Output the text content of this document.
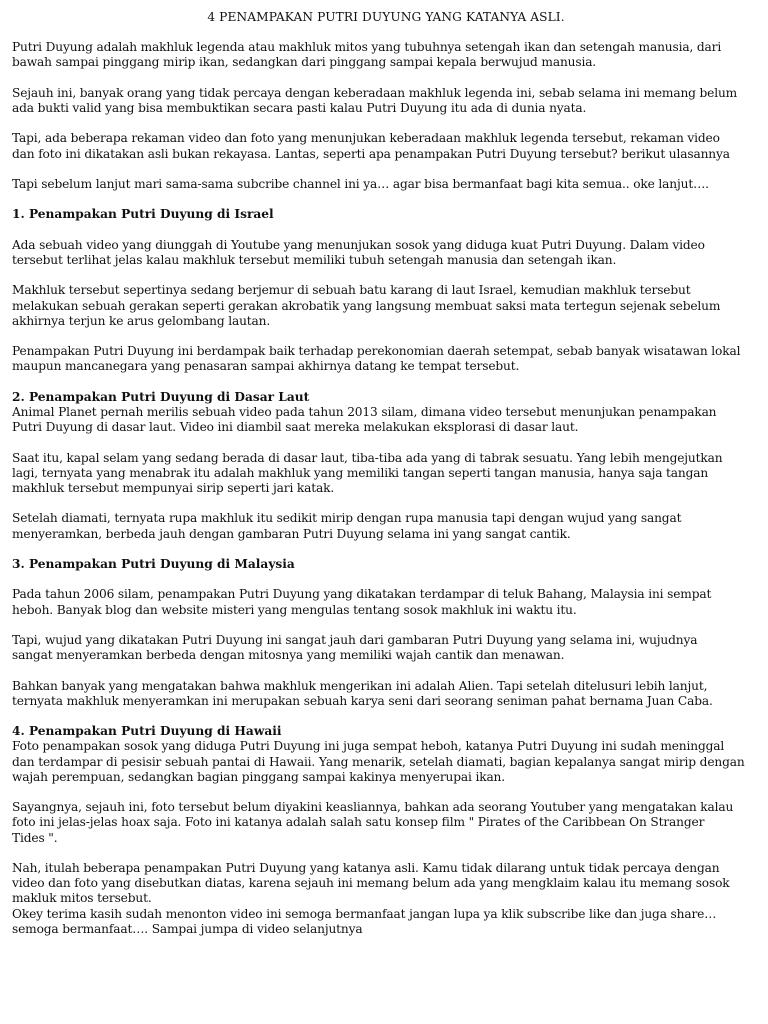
4 PENAMPAKAN PUTRI DUYUNG YANG KATANYA ASLI.
Putri Duyung adalah makhluk legenda atau makhluk mitos yang tubuhnya setengah ikan dan setengah manusia, dari
bawah sampai pinggang mirip ikan, sedangkan dari pinggang sampai kepala berwujud manusia.
Sejauh ini, banyak orang yang tidak percaya dengan keberadaan makhluk legenda ini, sebab selama ini memang belum
ada bukti valid yang bisa membuktikan secara pasti kalau Putri Duyung itu ada di dunia nyata.
Tapi, ada beberapa rekaman video dan foto yang menunjukan keberadaan makhluk legenda tersebut, rekaman video
dan foto ini dikatakan asli bukan rekayasa. Lantas, seperti apa penampakan Putri Duyung tersebut? berikut ulasannya
Tapi sebelum lanjut mari sama-sama subcribe channel ini ya… agar bisa bermanfaat bagi kita semua.. oke lanjut….
1. Penampakan Putri Duyung di Israel
Ada sebuah video yang diunggah di Youtube yang menunjukan sosok yang diduga kuat Putri Duyung. Dalam video
tersebut terlihat jelas kalau makhluk tersebut memiliki tubuh setengah manusia dan setengah ikan.
Makhluk tersebut sepertinya sedang berjemur di sebuah batu karang di laut Israel, kemudian makhluk tersebut
melakukan sebuah gerakan seperti gerakan akrobatik yang langsung membuat saksi mata tertegun sejenak sebelum
akhirnya terjun ke arus gelombang lautan.
Penampakan Putri Duyung ini berdampak baik terhadap perekonomian daerah setempat, sebab banyak wisatawan lokal
maupun mancanegara yang penasaran sampai akhirnya datang ke tempat tersebut.
2. Penampakan Putri Duyung di Dasar Laut
Animal Planet pernah merilis sebuah video pada tahun 2013 silam, dimana video tersebut menunjukan penampakan
Putri Duyung di dasar laut. Video ini diambil saat mereka melakukan eksplorasi di dasar laut.
Saat itu, kapal selam yang sedang berada di dasar laut, tiba-tiba ada yang di tabrak sesuatu. Yang lebih mengejutkan
lagi, ternyata yang menabrak itu adalah makhluk yang memiliki tangan seperti tangan manusia, hanya saja tangan
makhluk tersebut mempunyai sirip seperti jari katak.
Setelah diamati, ternyata rupa makhluk itu sedikit mirip dengan rupa manusia tapi dengan wujud yang sangat
menyeramkan, berbeda jauh dengan gambaran Putri Duyung selama ini yang sangat cantik.
3. Penampakan Putri Duyung di Malaysia
Pada tahun 2006 silam, penampakan Putri Duyung yang dikatakan terdampar di teluk Bahang, Malaysia ini sempat
heboh. Banyak blog dan website misteri yang mengulas tentang sosok makhluk ini waktu itu.
Tapi, wujud yang dikatakan Putri Duyung ini sangat jauh dari gambaran Putri Duyung yang selama ini, wujudnya
sangat menyeramkan berbeda dengan mitosnya yang memiliki wajah cantik dan menawan.
Bahkan banyak yang mengatakan bahwa makhluk mengerikan ini adalah Alien. Tapi setelah ditelusuri lebih lanjut,
ternyata makhluk menyeramkan ini merupakan sebuah karya seni dari seorang seniman pahat bernama Juan Caba.
4. Penampakan Putri Duyung di Hawaii
Foto penampakan sosok yang diduga Putri Duyung ini juga sempat heboh, katanya Putri Duyung ini sudah meninggal
dan terdampar di pesisir sebuah pantai di Hawaii. Yang menarik, setelah diamati, bagian kepalanya sangat mirip dengan
wajah perempuan, sedangkan bagian pinggang sampai kakinya menyerupai ikan.
Sayangnya, sejauh ini, foto tersebut belum diyakini keasliannya, bahkan ada seorang Youtuber yang mengatakan kalau
foto ini jelas-jelas hoax saja. Foto ini katanya adalah salah satu konsep film " Pirates of the Caribbean On Stranger
Tides ".
Nah, itulah beberapa penampakan Putri Duyung yang katanya asli. Kamu tidak dilarang untuk tidak percaya dengan
video dan foto yang disebutkan diatas, karena sejauh ini memang belum ada yang mengklaim kalau itu memang sosok
makluk mitos tersebut.
Okey terima kasih sudah menonton video ini semoga bermanfaat jangan lupa ya klik subscribe like dan juga share…
semoga bermanfaat…. Sampai jumpa di video selanjutnya
